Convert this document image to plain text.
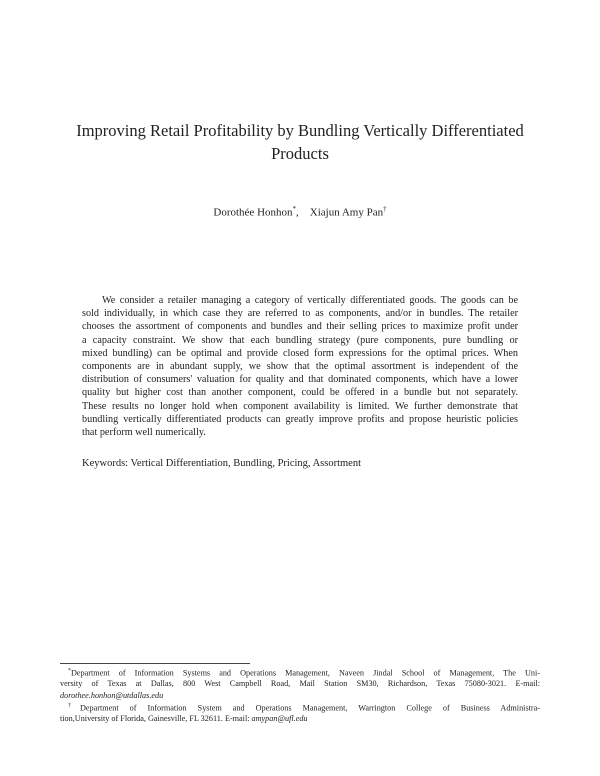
Improving Retail Profitability by Bundling Vertically Differentiated
Products
Dorothée Honhon*,    Xiajun Amy Pan†
We consider a retailer managing a category of vertically differentiated goods. The goods can be
sold individually, in which case they are referred to as components, and/or in bundles. The retailer
chooses the assortment of components and bundles and their selling prices to maximize profit under
a capacity constraint. We show that each bundling strategy (pure components, pure bundling or
mixed bundling) can be optimal and provide closed form expressions for the optimal prices. When
components are in abundant supply, we show that the optimal assortment is independent of the
distribution of consumers' valuation for quality and that dominated components, which have a lower
quality but higher cost than another component, could be offered in a bundle but not separately.
These results no longer hold when component availability is limited. We further demonstrate that
bundling vertically differentiated products can greatly improve profits and propose heuristic policies
that perform well numerically.
Keywords: Vertical Differentiation, Bundling, Pricing, Assortment
*Department of Information Systems and Operations Management, Naveen Jindal School of Management, The Uni-
versity of Texas at Dallas, 800 West Campbell Road, Mail Station SM30, Richardson, Texas 75080-3021. E-mail:
dorothee.honhon@utdallas.edu
†Department of Information System and Operations Management, Warrington College of Business Administra-
tion,University of Florida, Gainesville, FL 32611. E-mail: amypan@ufl.edu
